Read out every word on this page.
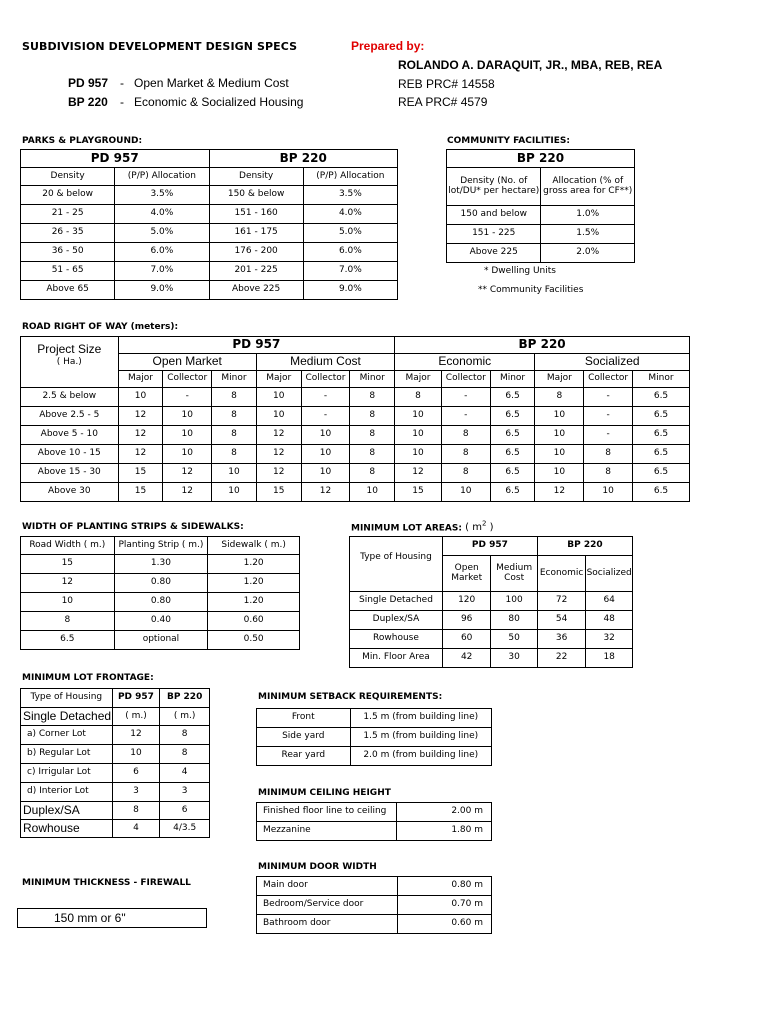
SUBDIVISION DEVELOPMENT DESIGN SPECS	Prepared by:
ROLANDO A. DARAQUIT, JR., MBA, REB, REA
REB PRC# 14558
REA PRC# 4579
PD 957 - Open Market & Medium Cost
BP 220 - Economic & Socialized Housing
PARKS & PLAYGROUND:
PD 957		BP 220	
Density	(P/P) Allocation	Density	(P/P) Allocation
20 & below	3.5%	150 & below	3.5%
21 - 25	4.0%	151 - 160	4.0%
26 - 35	5.0%	161 - 175	5.0%
36 - 50	6.0%	176 - 200	6.0%
51 - 65	7.0%	201 - 225	7.0%
Above 65	9.0%	Above 225	9.0%
COMMUNITY FACILITIES:
BP 220	
Density (No. of lot/DU* per hectare)	Allocation (% of gross area for CF**)
150 and below	1.0%
151 - 225	1.5%
Above 225	2.0%
* Dwelling Units
** Community Facilities
ROAD RIGHT OF WAY (meters):
Project Size
( Ha.)	PD 957						BP 220					
	Open Market			Medium Cost			Economic			Socialized		
	Major	Collector	Minor	Major	Collector	Minor	Major	Collector	Minor	Major	Collector	Minor
2.5 & below	10	-	8	10	-	8	8	-	6.5	8	-	6.5
Above 2.5 - 5	12	10	8	10	-	8	10	-	6.5	10	-	6.5
Above 5 - 10	12	10	8	12	10	8	10	8	6.5	10	-	6.5
Above 10 - 15	12	10	8	12	10	8	10	8	6.5	10	8	6.5
Above 15 - 30	15	12	10	12	10	8	12	8	6.5	10	8	6.5
Above 30	15	12	10	15	12	10	15	10	6.5	12	10	6.5
WIDTH OF PLANTING STRIPS & SIDEWALKS:
Road Width ( m.)	Planting Strip ( m.)	Sidewalk ( m.)
15	1.30	1.20
12	0.80	1.20
10	0.80	1.20
8	0.40	0.60
6.5	optional	0.50
MINIMUM LOT AREAS: ( $m^2$ )
Type of Housing	PD 957		BP 220	
	Open Market	Medium Cost	Economic	Socialized
Single Detached	120	100	72	64
Duplex/SA	96	80	54	48
Rowhouse	60	50	36	32
Min. Floor Area	42	30	22	18
MINIMUM LOT FRONTAGE:
Type of Housing	PD 957	BP 220
Single Detached	( m.)	( m.)
a) Corner Lot	12	8
b) Regular Lot	10	8
c) Irrigular Lot	6	4
d) Interior Lot	3	3
Duplex/SA	8	6
Rowhouse	4	4/3.5
MINIMUM SETBACK REQUIREMENTS:
Front	1.5 m (from building line)
Side yard	1.5 m (from building line)
Rear yard	2.0 m (from building line)
MINIMUM CEILING HEIGHT
Finished floor line to ceiling	2.00 m
Mezzanine	1.80 m
MINIMUM DOOR WIDTH
Main door	0.80 m
Bedroom/Service door	0.70 m
Bathroom door	0.60 m
MINIMUM THICKNESS - FIREWALL
150 mm or 6"
